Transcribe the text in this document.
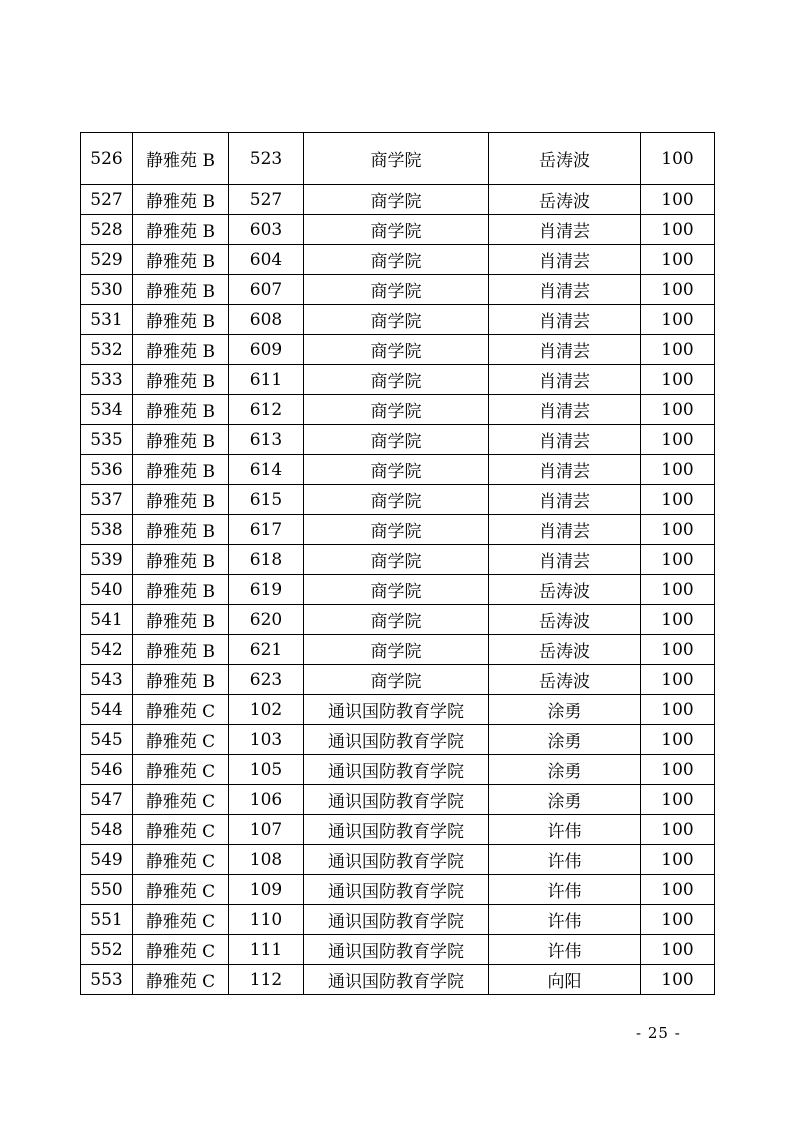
526	静雅苑 B	523	商学院	岳涛波	100
527	静雅苑 B	527	商学院	岳涛波	100
528	静雅苑 B	603	商学院	肖清芸	100
529	静雅苑 B	604	商学院	肖清芸	100
530	静雅苑 B	607	商学院	肖清芸	100
531	静雅苑 B	608	商学院	肖清芸	100
532	静雅苑 B	609	商学院	肖清芸	100
533	静雅苑 B	611	商学院	肖清芸	100
534	静雅苑 B	612	商学院	肖清芸	100
535	静雅苑 B	613	商学院	肖清芸	100
536	静雅苑 B	614	商学院	肖清芸	100
537	静雅苑 B	615	商学院	肖清芸	100
538	静雅苑 B	617	商学院	肖清芸	100
539	静雅苑 B	618	商学院	肖清芸	100
540	静雅苑 B	619	商学院	岳涛波	100
541	静雅苑 B	620	商学院	岳涛波	100
542	静雅苑 B	621	商学院	岳涛波	100
543	静雅苑 B	623	商学院	岳涛波	100
544	静雅苑 C	102	通识国防教育学院	涂勇	100
545	静雅苑 C	103	通识国防教育学院	涂勇	100
546	静雅苑 C	105	通识国防教育学院	涂勇	100
547	静雅苑 C	106	通识国防教育学院	涂勇	100
548	静雅苑 C	107	通识国防教育学院	许伟	100
549	静雅苑 C	108	通识国防教育学院	许伟	100
550	静雅苑 C	109	通识国防教育学院	许伟	100
551	静雅苑 C	110	通识国防教育学院	许伟	100
552	静雅苑 C	111	通识国防教育学院	许伟	100
553	静雅苑 C	112	通识国防教育学院	向阳	100
- 25 -
